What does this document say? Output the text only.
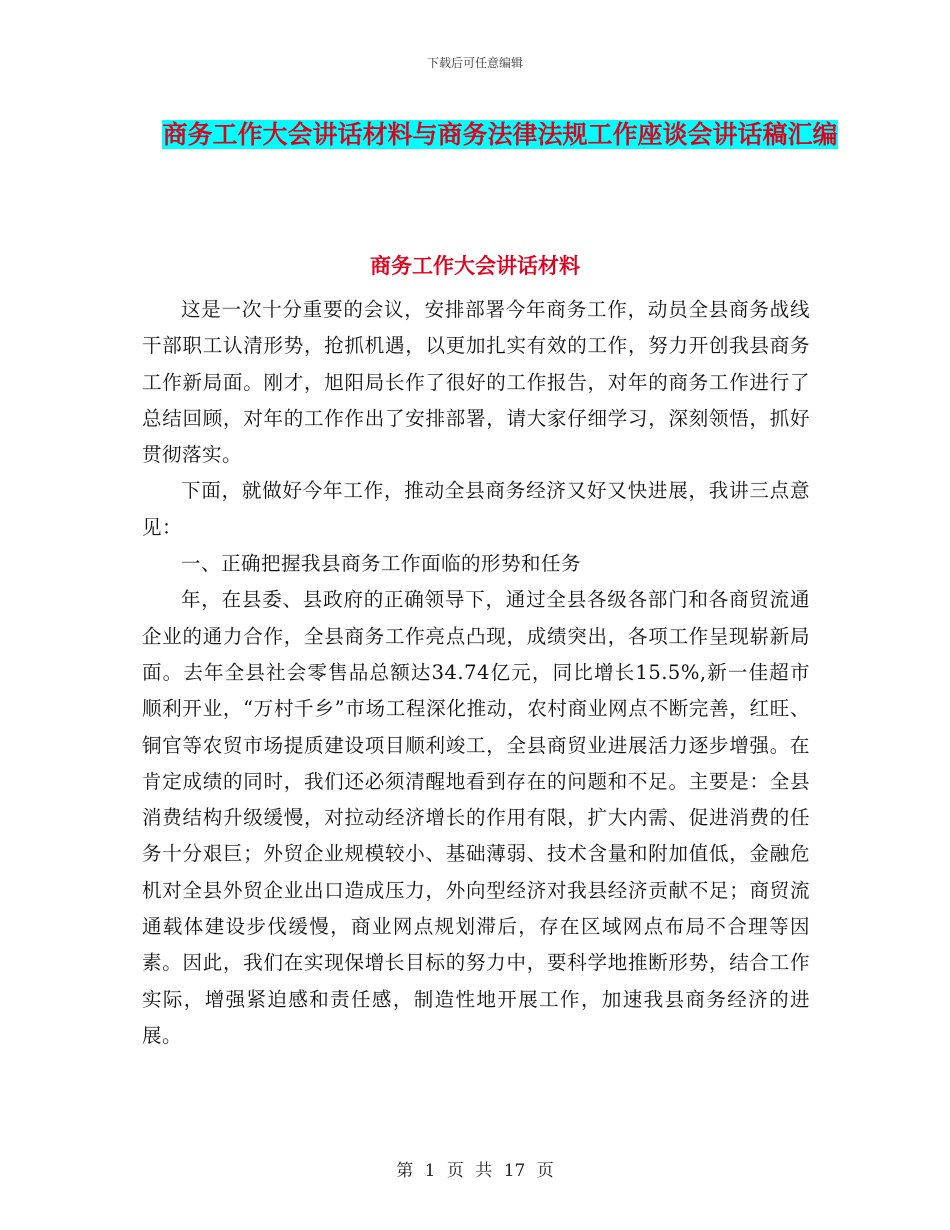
下载后可任意编辑
商务工作大会讲话材料与商务法律法规工作座谈会讲话稿汇编
商务工作大会讲话材料

这是一次十分重要的会议，安排部署今年商务工作，动员全县商务战线干部职工认清形势，抢抓机遇，以更加扎实有效的工作，努力开创我县商务工作新局面。刚才，旭阳局长作了很好的工作报告，对年的商务工作进行了总结回顾，对年的工作作出了安排部署，请大家仔细学习，深刻领悟，抓好贯彻落实。

下面，就做好今年工作，推动全县商务经济又好又快进展，我讲三点意见：

一、正确把握我县商务工作面临的形势和任务

年，在县委、县政府的正确领导下，通过全县各级各部门和各商贸流通企业的通力合作，全县商务工作亮点凸现，成绩突出，各项工作呈现崭新局面。去年全县社会零售品总额达34.74亿元，同比增长15.5%,新一佳超市顺利开业，“万村千乡”市场工程深化推动，农村商业网点不断完善，红旺、铜官等农贸市场提质建设项目顺利竣工，全县商贸业进展活力逐步增强。在肯定成绩的同时，我们还必须清醒地看到存在的问题和不足。主要是：全县消费结构升级缓慢，对拉动经济增长的作用有限，扩大内需、促进消费的任务十分艰巨；外贸企业规模较小、基础薄弱、技术含量和附加值低，金融危机对全县外贸企业出口造成压力，外向型经济对我县经济贡献不足；商贸流通载体建设步伐缓慢，商业网点规划滞后，存在区域网点布局不合理等因素。因此，我们在实现保增长目标的努力中，要科学地推断形势，结合工作实际，增强紧迫感和责任感，制造性地开展工作，加速我县商务经济的进展。

第 1 页 共 17 页
